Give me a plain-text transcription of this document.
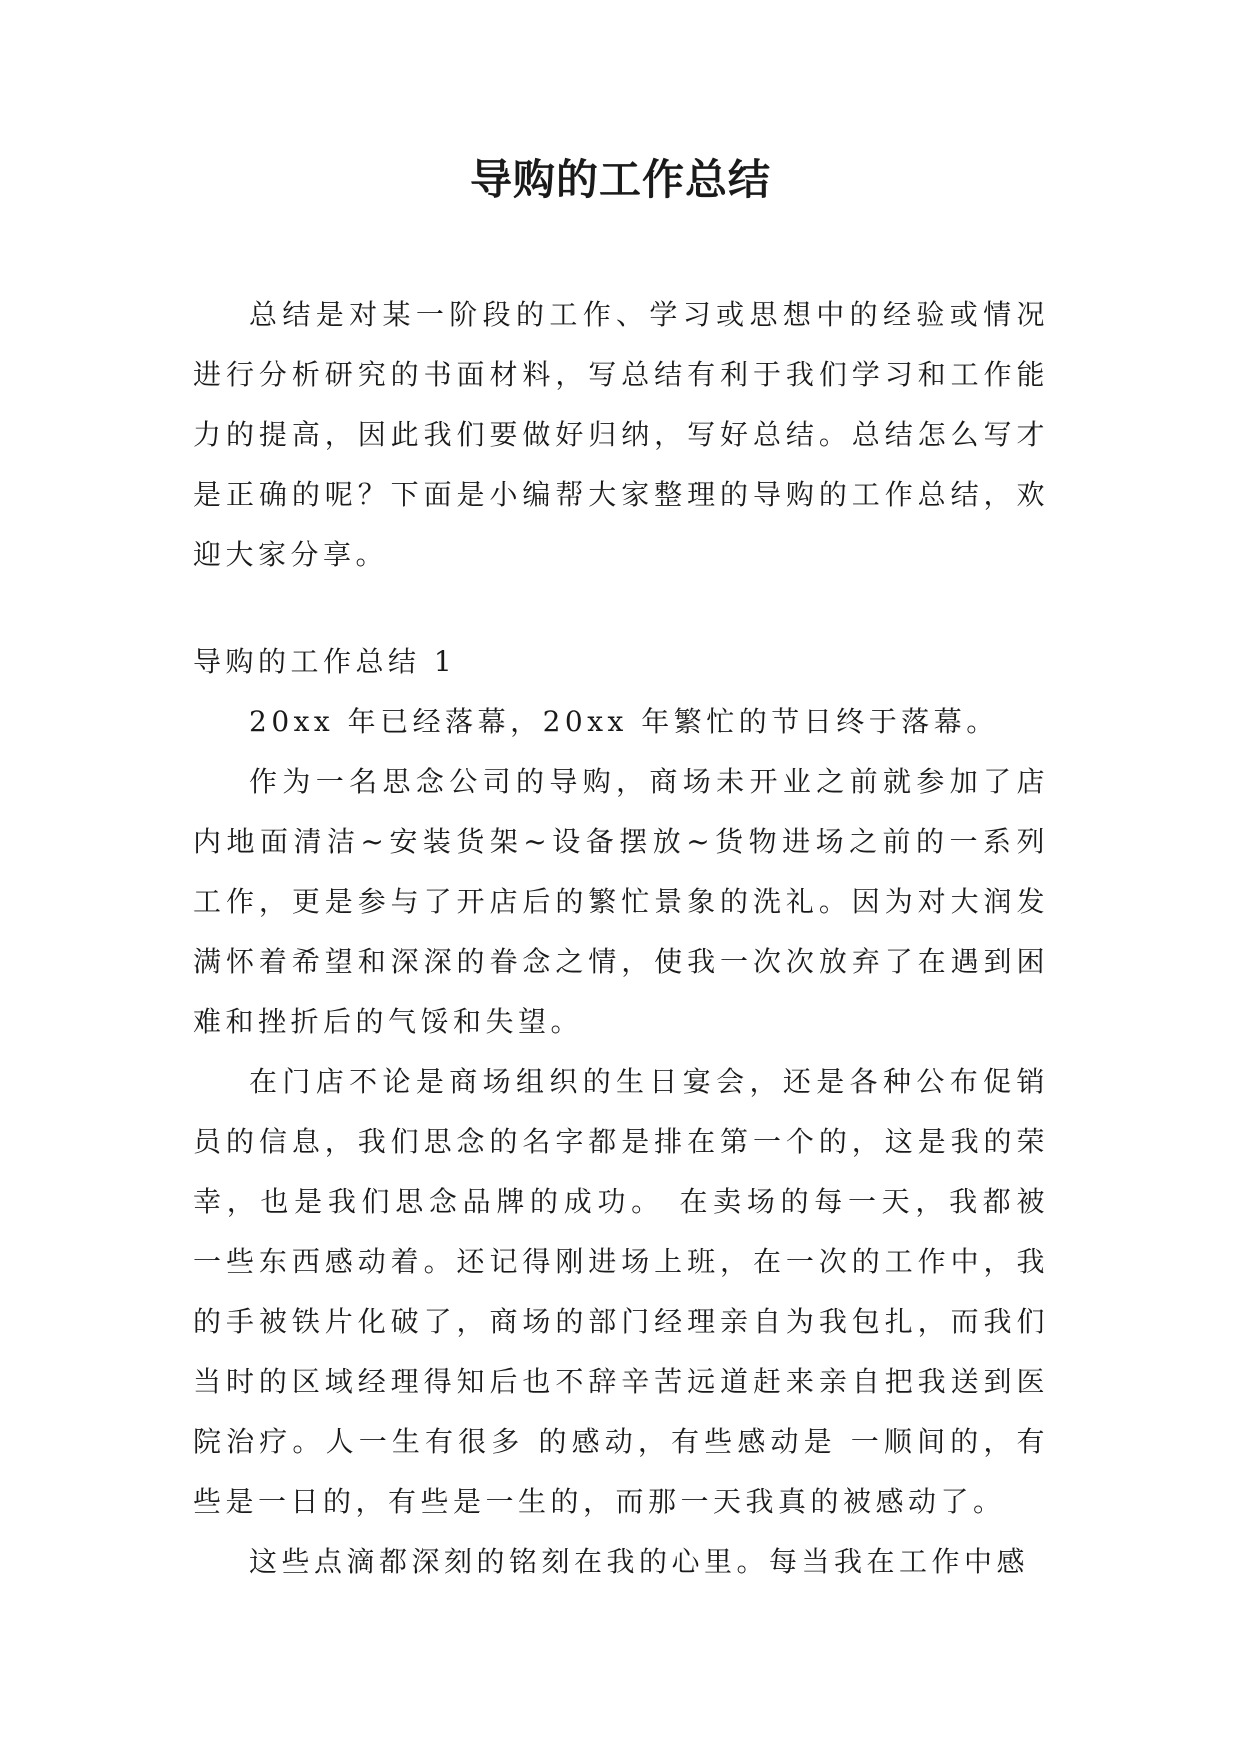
导购的工作总结

总结是对某一阶段的工作、学习或思想中的经验或情况进行分析研究的书面材料，写总结有利于我们学习和工作能力的提高，因此我们要做好归纳，写好总结。总结怎么写才是正确的呢？下面是小编帮大家整理的导购的工作总结，欢迎大家分享。

导购的工作总结 1

20xx 年已经落幕，20xx 年繁忙的节日终于落幕。

作为一名思念公司的导购，商场未开业之前就参加了店内地面清洁~安装货架~设备摆放~货物进场之前的一系列工作，更是参与了开店后的繁忙景象的洗礼。因为对大润发满怀着希望和深深的眷念之情，使我一次次放弃了在遇到困难和挫折后的气馁和失望。

在门店不论是商场组织的生日宴会，还是各种公布促销员的信息，我们思念的名字都是排在第一个的，这是我的荣幸，也是我们思念品牌的成功。 在卖场的每一天，我都被一些东西感动着。还记得刚进场上班，在一次的工作中，我的手被铁片化破了，商场的部门经理亲自为我包扎，而我们当时的区域经理得知后也不辞辛苦远道赶来亲自把我送到医院治疗。人一生有很多 的感动，有些感动是 一顺间的，有些是一日的，有些是一生的，而那一天我真的被感动了。

这些点滴都深刻的铭刻在我的心里。每当我在工作中感
